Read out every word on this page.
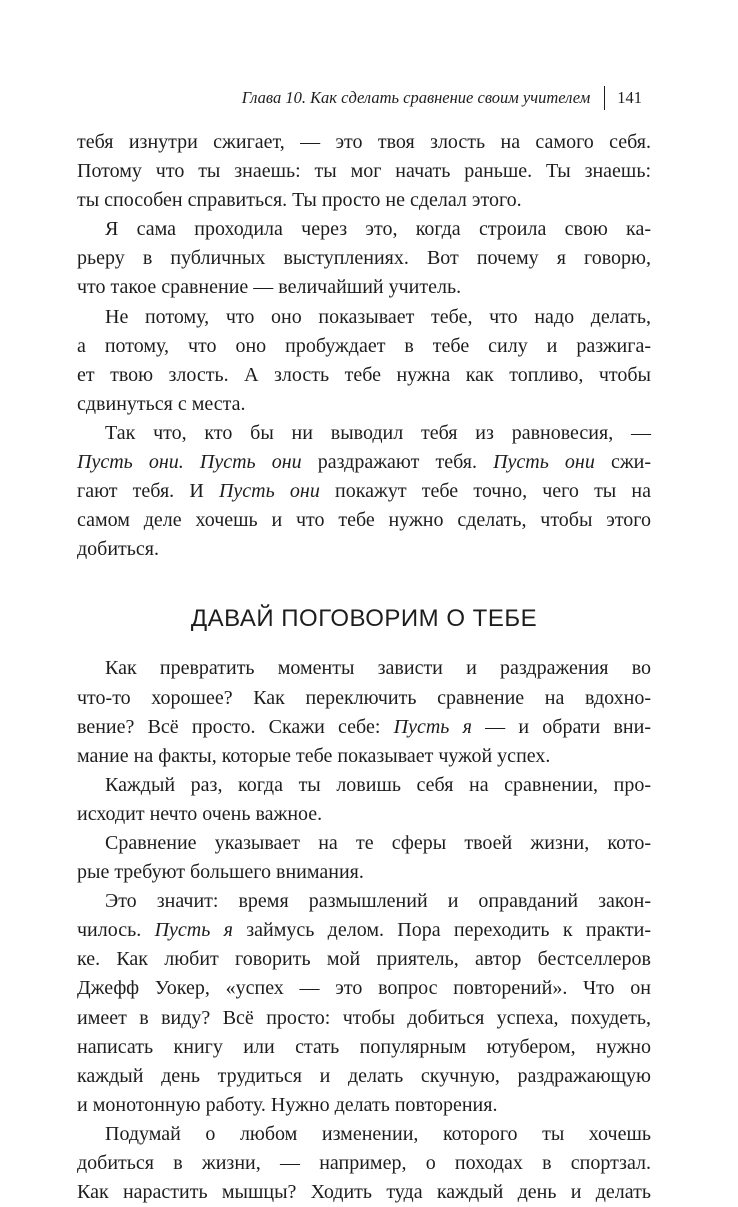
Глава 10. Как сделать сравнение своим учителем 141
тебя изнутри сжигает, — это твоя злость на самого себя.
Потому что ты знаешь: ты мог начать раньше. Ты знаешь:
ты способен справиться. Ты просто не сделал этого.
Я сама проходила через это, когда строила свою ка-
рьеру в публичных выступлениях. Вот почему я говорю,
что такое сравнение — величайший учитель.
Не потому, что оно показывает тебе, что надо делать,
а потому, что оно пробуждает в тебе силу и разжига-
ет твою злость. А злость тебе нужна как топливо, чтобы
сдвинуться с места.
Так что, кто бы ни выводил тебя из равновесия, —
Пусть они. Пусть они раздражают тебя. Пусть они сжи-
гают тебя. И Пусть они покажут тебе точно, чего ты на
самом деле хочешь и что тебе нужно сделать, чтобы этого
добиться.
ДАВАЙ ПОГОВОРИМ О ТЕБЕ
Как превратить моменты зависти и раздражения во
что-то хорошее? Как переключить сравнение на вдохно-
вение? Всё просто. Скажи себе: Пусть я — и обрати вни-
мание на факты, которые тебе показывает чужой успех.
Каждый раз, когда ты ловишь себя на сравнении, про-
исходит нечто очень важное.
Сравнение указывает на те сферы твоей жизни, кото-
рые требуют большего внимания.
Это значит: время размышлений и оправданий закон-
чилось. Пусть я займусь делом. Пора переходить к практи-
ке. Как любит говорить мой приятель, автор бестселлеров
Джефф Уокер, «успех — это вопрос повторений». Что он
имеет в виду? Всё просто: чтобы добиться успеха, похудеть,
написать книгу или стать популярным ютубером, нужно
каждый день трудиться и делать скучную, раздражающую
и монотонную работу. Нужно делать повторения.
Подумай о любом изменении, которого ты хочешь
добиться в жизни, — например, о походах в спортзал.
Как нарастить мышцы? Ходить туда каждый день и делать
